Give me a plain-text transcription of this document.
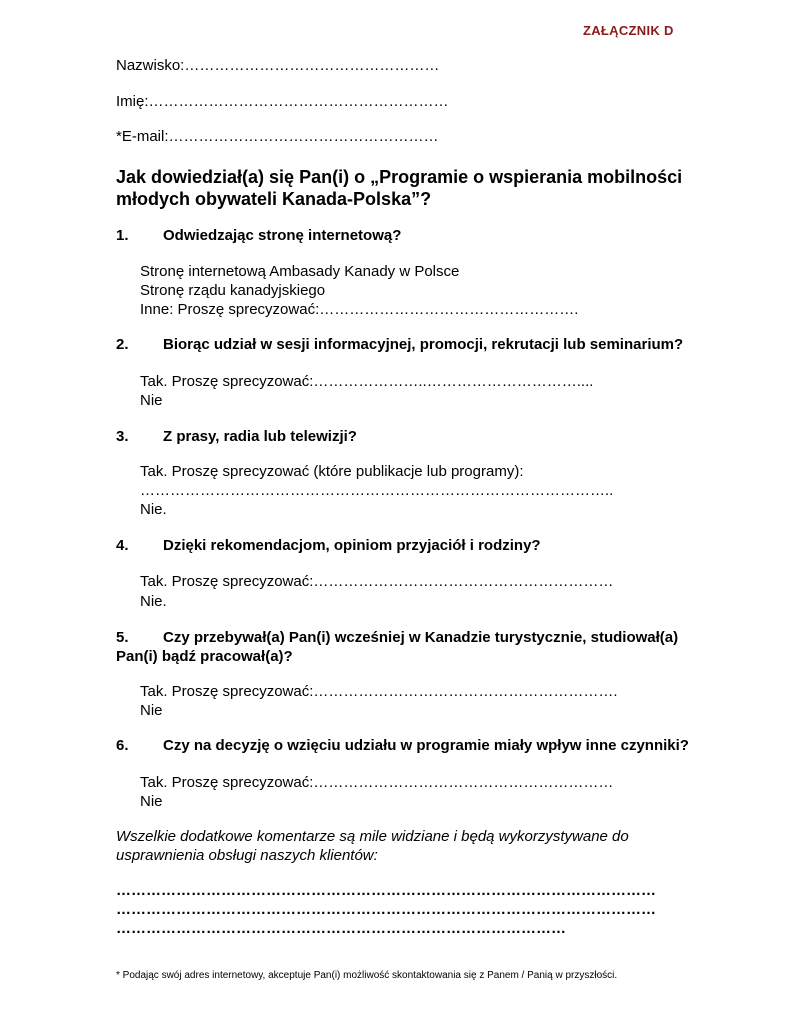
ZAŁĄCZNIK D
Nazwisko:……………………………………………
Imię:……………………………………………………
*E-mail:………………………………………………
Jak dowiedział(a) się Pan(i) o „Programie o wspierania mobilności
młodych obywateli Kanada-Polska”?
1. Odwiedzając stronę internetową?
Stronę internetową Ambasady Kanady w Polsce
Stronę rządu kanadyjskiego
Inne: Proszę sprecyzować:…………………………………………….
2. Biorąc udział w sesji informacyjnej, promocji, rekrutacji lub seminarium?
Tak. Proszę sprecyzować:…………………..…………………………....
Nie
3. Z prasy, radia lub telewizji?
Tak. Proszę sprecyzować (które publikacje lub programy):
…………………………………………………………………………………..
Nie.
4. Dzięki rekomendacjom, opiniom przyjaciół i rodziny?
Tak. Proszę sprecyzować:……………………………………………………
Nie.
5. Czy przebywał(a) Pan(i) wcześniej w Kanadzie turystycznie, studiował(a)
Pan(i) bądź pracował(a)?
Tak. Proszę sprecyzować:…………………………………………………….
Nie
6. Czy na decyzję o wzięciu udziału w programie miały wpływ inne czynniki?
Tak. Proszę sprecyzować:……………………………………………………
Nie
Wszelkie dodatkowe komentarze są mile widziane i będą wykorzystywane do
usprawnienia obsługi naszych klientów:
………………………………………………………………………………………………
………………………………………………………………………………………………
………………………………………………………………………………
* Podając swój adres internetowy, akceptuje Pan(i) możliwość skontaktowania się z Panem / Panią w przyszłości.
